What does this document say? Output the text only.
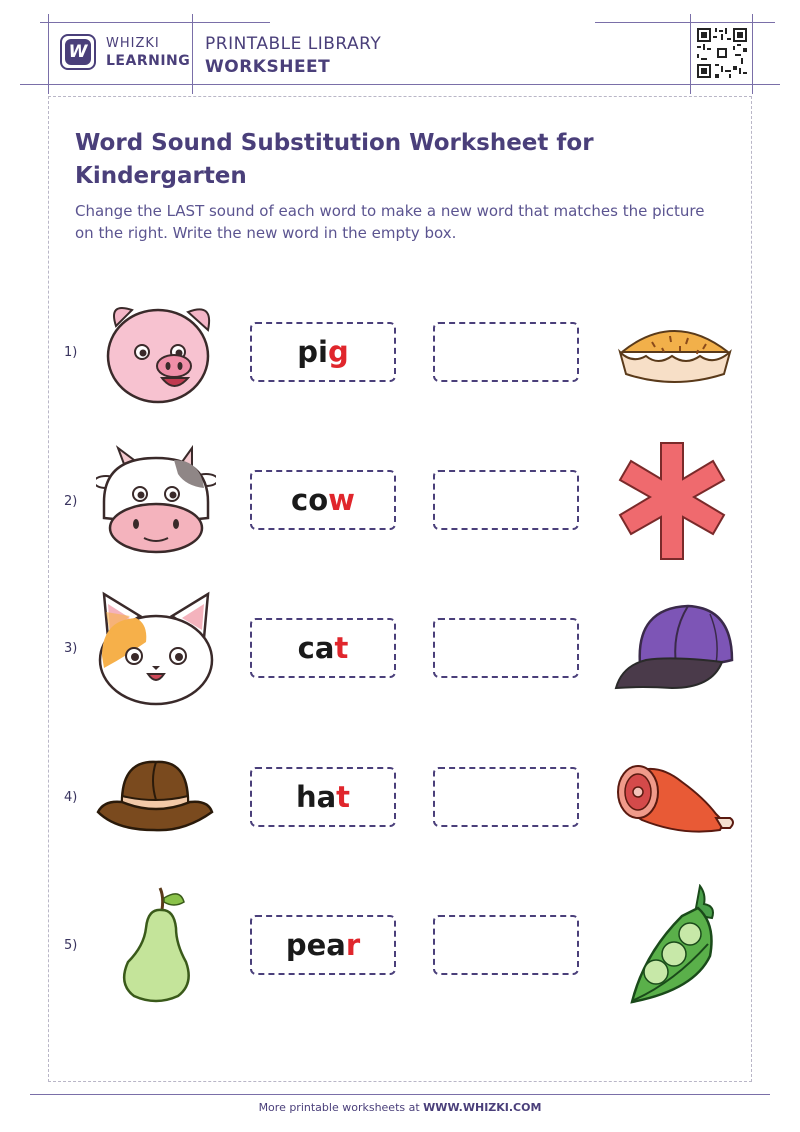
W WHIZKI
LEARNING
PRINTABLE LIBRARY
WORKSHEET
Word Sound Substitution Worksheet for Kindergarten
Change the LAST sound of each word to make a new word that matches the picture on the right. Write the new word in the empty box.
1)	pi g
2)	co w
3)	ca t
4)	ha t
5)	pea r
More printable worksheets at WWW.WHIZKI.COM
